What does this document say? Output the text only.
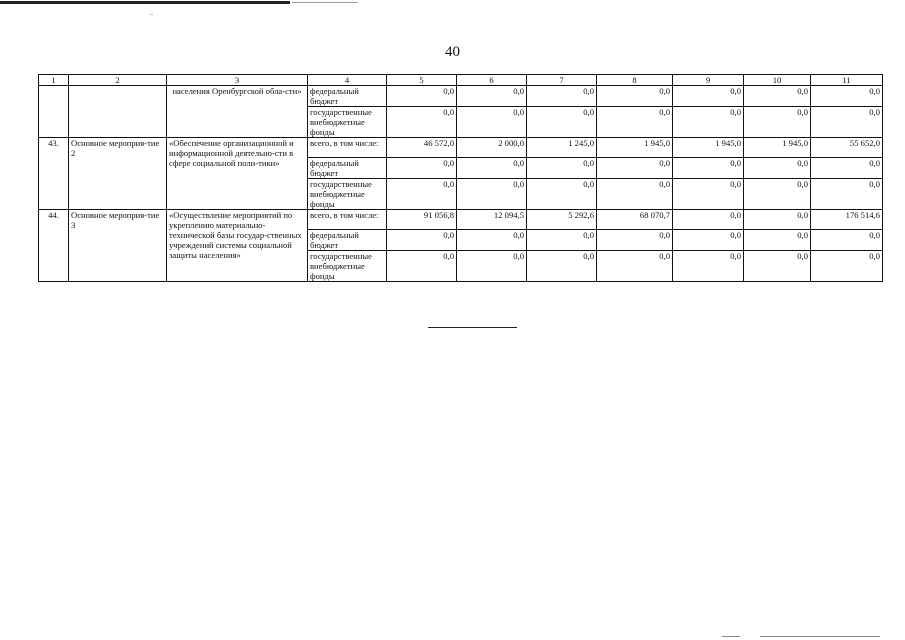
40
1	2	3	4	5	6	7	8	9	10	11
		населения Оренбургской обла-сти»	федеральный бюджет	0,0	0,0	0,0	0,0	0,0	0,0	0,0
			государственные внебюджетные фонды	0,0	0,0	0,0	0,0	0,0	0,0	0,0
43.	Основное мероприя-тие 2	«Обеспечение организационной и информационной деятельно-сти в сфере социальной поли-тики»	всего, в том числе:	46 572,0	2 000,0	1 245,0	1 945,0	1 945,0	1 945,0	55 652,0
			федеральный бюджет	0,0	0,0	0,0	0,0	0,0	0,0	0,0
			государственные внебюджетные фонды	0,0	0,0	0,0	0,0	0,0	0,0	0,0
44.	Основное мероприя-тие 3	«Осуществление мероприятий по укреплению материально-технической базы государ-ственных учреждений системы социальной защиты населения»	всего, в том числе:	91 056,8	12 094,5	5 292,6	68 070,7	0,0	0,0	176 514,6
			федеральный бюджет	0,0	0,0	0,0	0,0	0,0	0,0	0,0
			государственные внебюджетные фонды	0,0	0,0	0,0	0,0	0,0	0,0	0,0
